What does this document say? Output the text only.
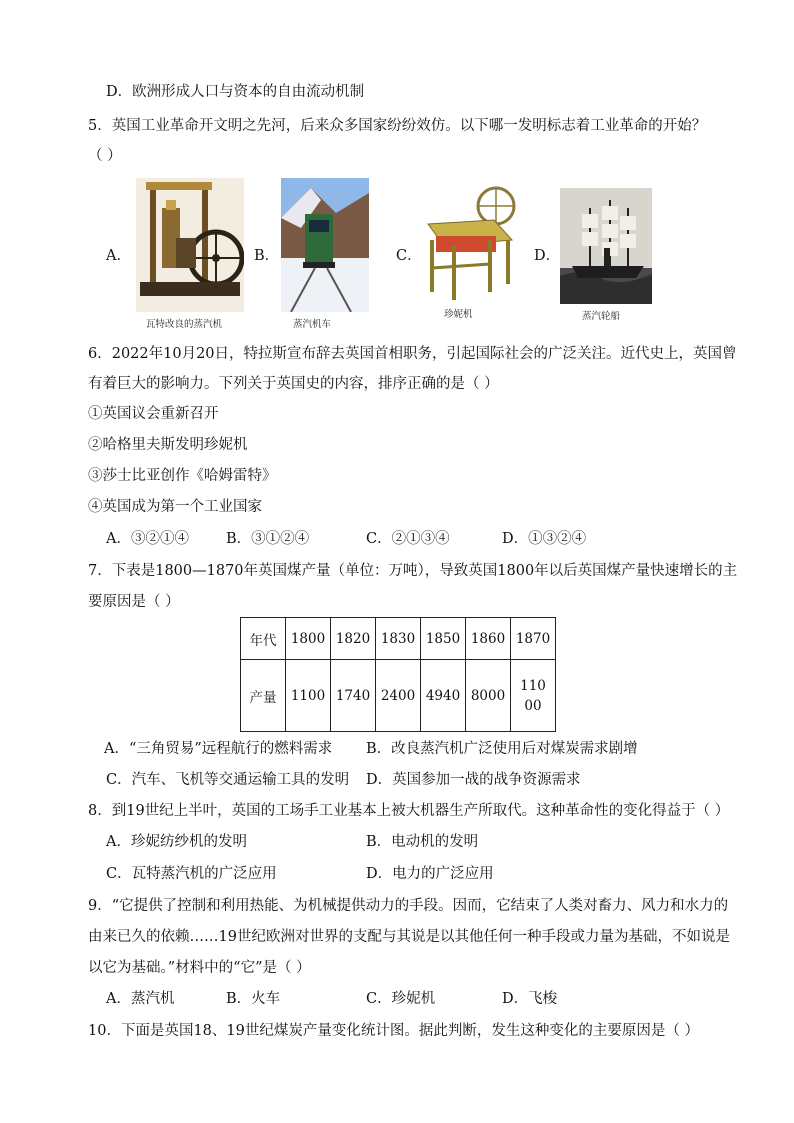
D．欧洲形成人口与资本的自由流动机制
5．英国工业革命开文明之先河，后来众多国家纷纷效仿。以下哪一发明标志着工业革命的开始？
（ ）
A．
瓦特改良的蒸汽机
B．
蒸汽机车
C．
珍妮机
D．
蒸汽轮船
6．2022年10月20日，特拉斯宣布辞去英国首相职务，引起国际社会的广泛关注。近代史上，英国曾
有着巨大的影响力。下列关于英国史的内容，排序正确的是（ ）
①英国议会重新召开
②哈格里夫斯发明珍妮机
③莎士比亚创作《哈姆雷特》
④英国成为第一个工业国家
A．③②①④	B．③①②④	C．②①③④	D．①③②④
7．下表是1800—1870年英国煤产量（单位：万吨），导致英国1800年以后英国煤产量快速增长的主
要原因是（ ）
年代	1800	1820	1830	1850	1860	1870
产量	1100	1740	2400	4940	8000	11000
A．“三角贸易”远程航行的燃料需求 B．改良蒸汽机广泛使用后对煤炭需求剧增
C．汽车、飞机等交通运输工具的发明 D．英国参加一战的战争资源需求
8．到19世纪上半叶，英国的工场手工业基本上被大机器生产所取代。这种革命性的变化得益于（ ）
A．珍妮纺纱机的发明	B．电动机的发明
C．瓦特蒸汽机的广泛应用	D．电力的广泛应用
9．“它提供了控制和利用热能、为机械提供动力的手段。因而，它结束了人类对畜力、风力和水力的
由来已久的依赖……19世纪欧洲对世界的支配与其说是以其他任何一种手段或力量为基础，不如说是
以它为基础。”材料中的“它”是（ ）
A．蒸汽机	B．火车	C．珍妮机	D．飞梭
10．下面是英国18、19世纪煤炭产量变化统计图。据此判断，发生这种变化的主要原因是（ ）
